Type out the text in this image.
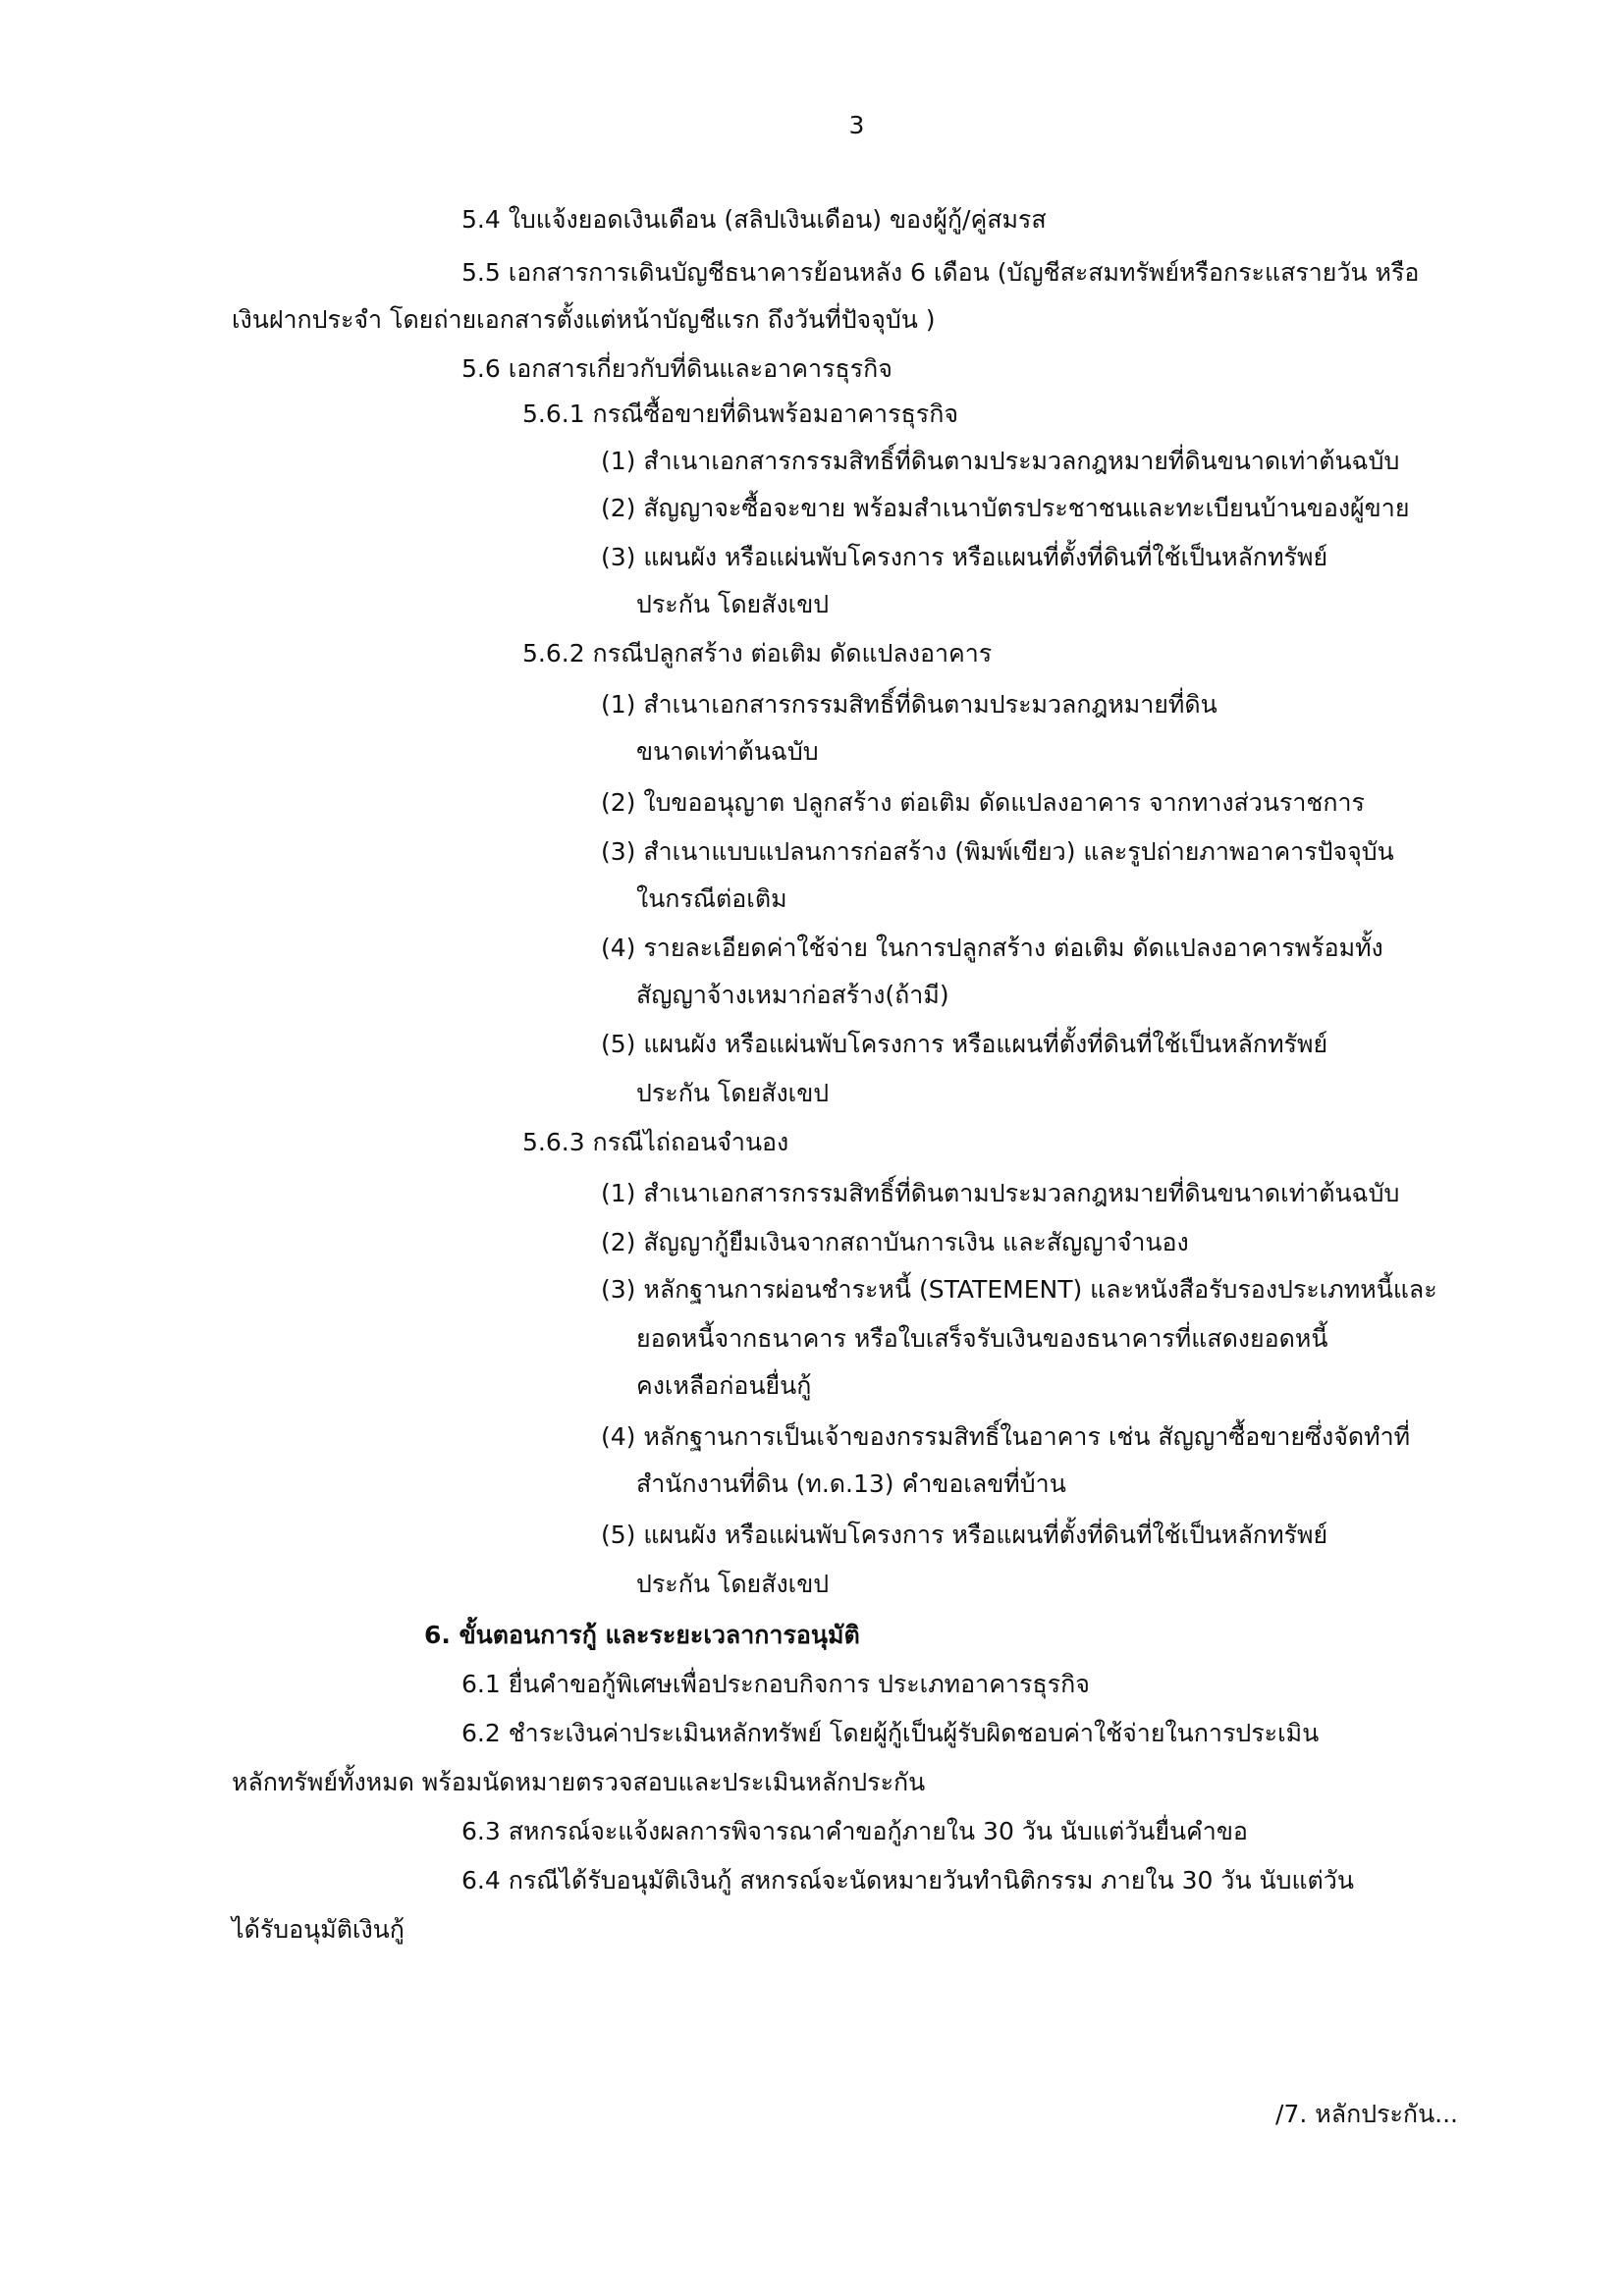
3
5.4 ใบแจ้งยอดเงินเดือน (สลิปเงินเดือน) ของผู้กู้/คู่สมรส
5.5 เอกสารการเดินบัญชีธนาคารย้อนหลัง 6 เดือน (บัญชีสะสมทรัพย์หรือกระแสรายวัน หรือ
เงินฝากประจำ โดยถ่ายเอกสารตั้งแต่หน้าบัญชีแรก ถึงวันที่ปัจจุบัน )
5.6 เอกสารเกี่ยวกับที่ดินและอาคารธุรกิจ
5.6.1 กรณีซื้อขายที่ดินพร้อมอาคารธุรกิจ
(1) สำเนาเอกสารกรรมสิทธิ์ที่ดินตามประมวลกฎหมายที่ดินขนาดเท่าต้นฉบับ
(2) สัญญาจะซื้อจะขาย พร้อมสำเนาบัตรประชาชนและทะเบียนบ้านของผู้ขาย
(3) แผนผัง หรือแผ่นพับโครงการ หรือแผนที่ตั้งที่ดินที่ใช้เป็นหลักทรัพย์
ประกัน โดยสังเขป
5.6.2 กรณีปลูกสร้าง ต่อเติม ดัดแปลงอาคาร
(1) สำเนาเอกสารกรรมสิทธิ์ที่ดินตามประมวลกฎหมายที่ดิน
ขนาดเท่าต้นฉบับ
(2) ใบขออนุญาต ปลูกสร้าง ต่อเติม ดัดแปลงอาคาร จากทางส่วนราชการ
(3) สำเนาแบบแปลนการก่อสร้าง (พิมพ์เขียว) และรูปถ่ายภาพอาคารปัจจุบัน
ในกรณีต่อเติม
(4) รายละเอียดค่าใช้จ่าย ในการปลูกสร้าง ต่อเติม ดัดแปลงอาคารพร้อมทั้ง
สัญญาจ้างเหมาก่อสร้าง(ถ้ามี)
(5) แผนผัง หรือแผ่นพับโครงการ หรือแผนที่ตั้งที่ดินที่ใช้เป็นหลักทรัพย์
ประกัน โดยสังเขป
5.6.3 กรณีไถ่ถอนจำนอง
(1) สำเนาเอกสารกรรมสิทธิ์ที่ดินตามประมวลกฎหมายที่ดินขนาดเท่าต้นฉบับ
(2) สัญญากู้ยืมเงินจากสถาบันการเงิน และสัญญาจำนอง
(3) หลักฐานการผ่อนชำระหนี้ (STATEMENT) และหนังสือรับรองประเภทหนี้และ
ยอดหนี้จากธนาคาร หรือใบเสร็จรับเงินของธนาคารที่แสดงยอดหนี้
คงเหลือก่อนยื่นกู้
(4) หลักฐานการเป็นเจ้าของกรรมสิทธิ์ในอาคาร เช่น สัญญาซื้อขายซึ่งจัดทำที่
สำนักงานที่ดิน (ท.ด.13) คำขอเลขที่บ้าน
(5) แผนผัง หรือแผ่นพับโครงการ หรือแผนที่ตั้งที่ดินที่ใช้เป็นหลักทรัพย์
ประกัน โดยสังเขป
6. ขั้นตอนการกู้ และระยะเวลาการอนุมัติ
6.1 ยื่นคำขอกู้พิเศษเพื่อประกอบกิจการ ประเภทอาคารธุรกิจ
6.2 ชำระเงินค่าประเมินหลักทรัพย์ โดยผู้กู้เป็นผู้รับผิดชอบค่าใช้จ่ายในการประเมิน
หลักทรัพย์ทั้งหมด พร้อมนัดหมายตรวจสอบและประเมินหลักประกัน
6.3 สหกรณ์จะแจ้งผลการพิจารณาคำขอกู้ภายใน 30 วัน นับแต่วันยื่นคำขอ
6.4 กรณีได้รับอนุมัติเงินกู้ สหกรณ์จะนัดหมายวันทำนิติกรรม ภายใน 30 วัน นับแต่วัน
ได้รับอนุมัติเงินกู้
/7. หลักประกัน...
